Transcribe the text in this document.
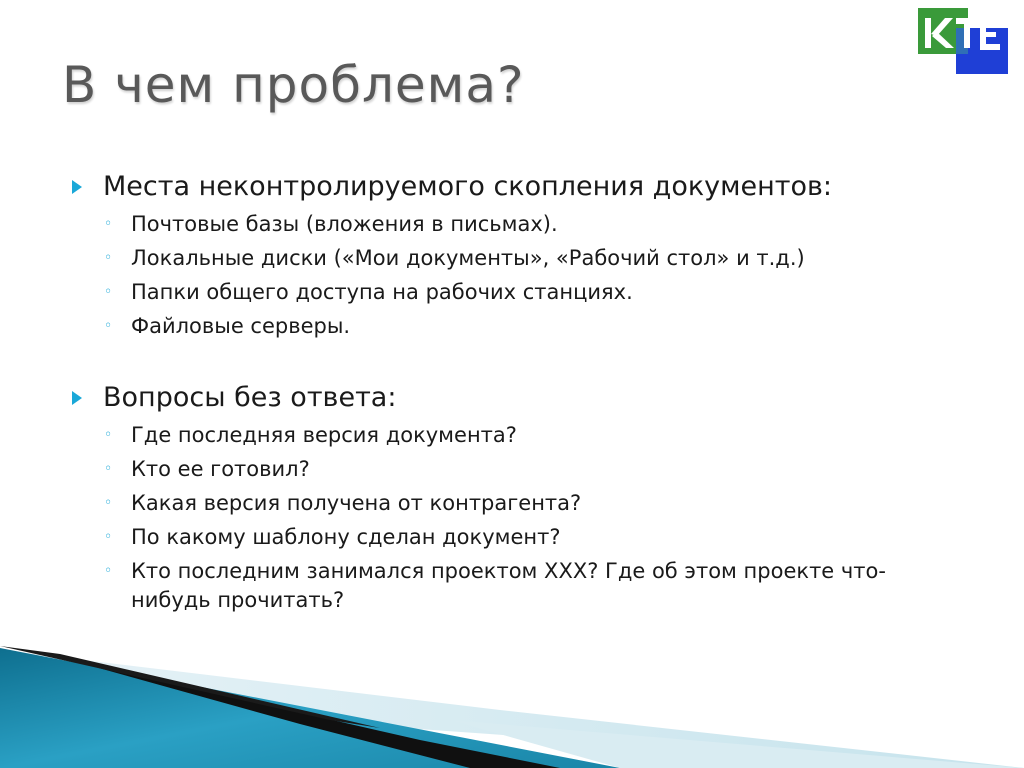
В чем проблема?
Места неконтролируемого скопления документов:
◦ Почтовые базы (вложения в письмах).
◦ Локальные диски («Мои документы», «Рабочий стол» и т.д.)
◦ Папки общего доступа на рабочих станциях.
◦ Файловые серверы.
Вопросы без ответа:
◦ Где последняя версия документа?
◦ Кто ее готовил?
◦ Какая версия получена от контрагента?
◦ По какому шаблону сделан документ?
◦ Кто последним занимался проектом ХХХ? Где об этом проекте что-нибудь прочитать?
